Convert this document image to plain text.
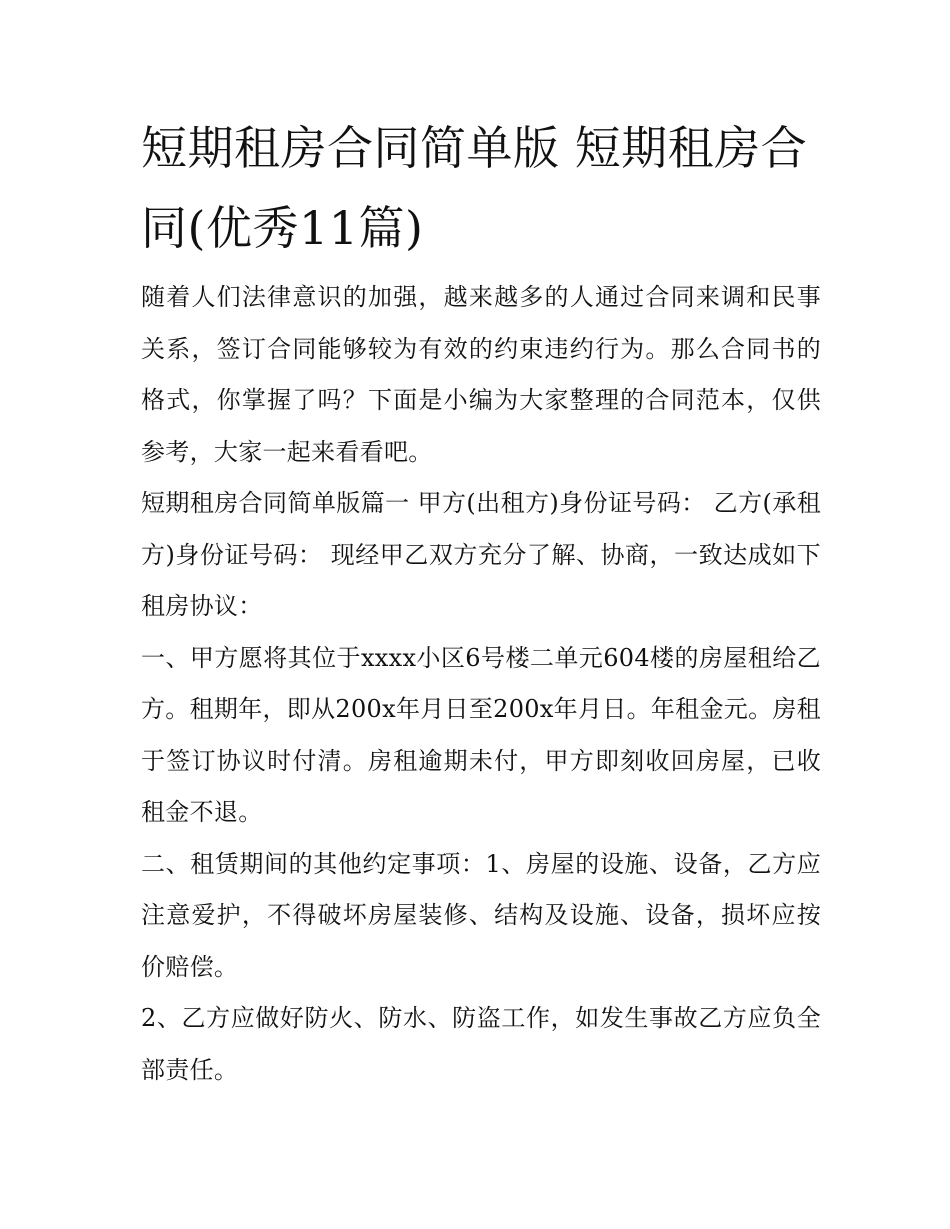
短期租房合同简单版 短期租房合同(优秀11篇)

随着人们法律意识的加强，越来越多的人通过合同来调和民事关系，签订合同能够较为有效的约束违约行为。那么合同书的格式，你掌握了吗？下面是小编为大家整理的合同范本，仅供参考，大家一起来看看吧。

短期租房合同简单版篇一 甲方(出租方)身份证号码： 乙方(承租方)身份证号码： 现经甲乙双方充分了解、协商，一致达成如下租房协议：

一、甲方愿将其位于xxxx小区6号楼二单元604楼的房屋租给乙方。租期年，即从200x年月日至200x年月日。年租金元。房租于签订协议时付清。房租逾期未付，甲方即刻收回房屋，已收租金不退。

二、租赁期间的其他约定事项：1、房屋的设施、设备，乙方应注意爱护，不得破坏房屋装修、结构及设施、设备，损坏应按价赔偿。

2、乙方应做好防火、防水、防盗工作，如发生事故乙方应负全部责任。
